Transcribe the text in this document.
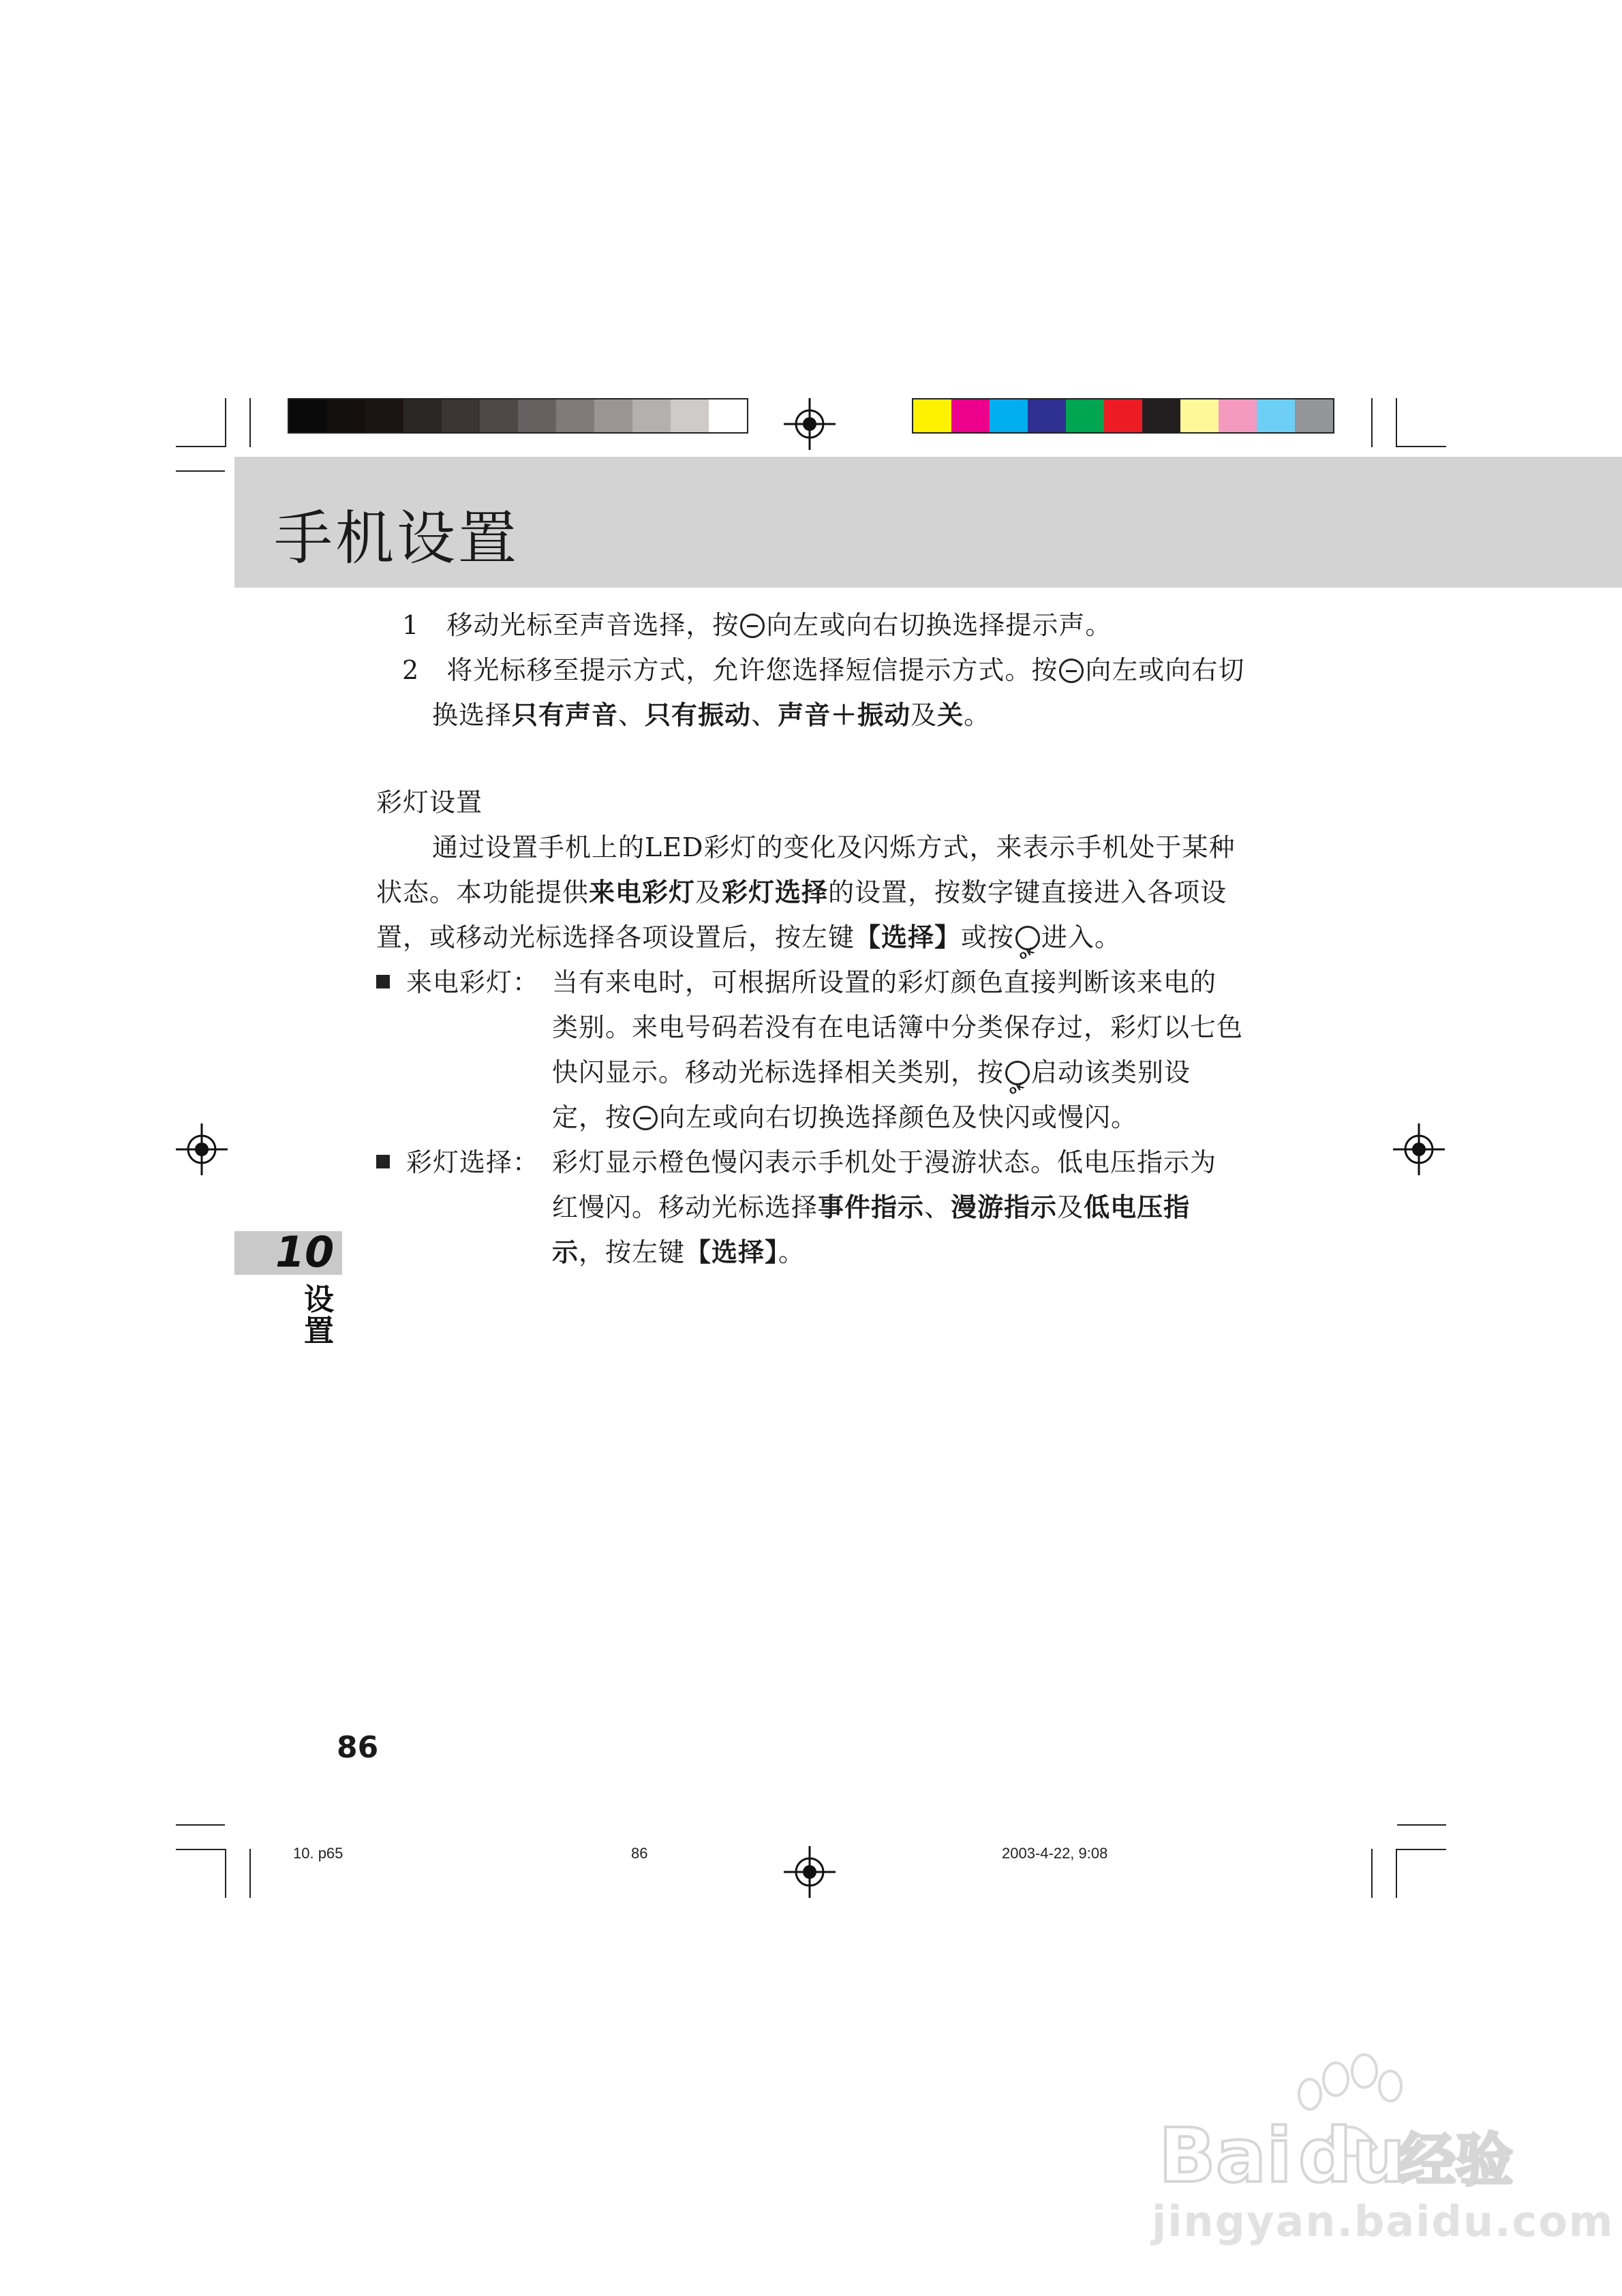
手机设置
1 移动光标至声音选择，按 向左或向右切换选择提示声。
2 将光标移至提示方式，允许您选择短信提示方式。按 向左或向右切
换选择只有声音、只有振动、声音＋振动及关。
彩灯设置
通过设置手机上的LED彩灯的变化及闪烁方式，来表示手机处于某种
状态。本功能提供来电彩灯及彩灯选择的设置，按数字键直接进入各项设
置，或移动光标选择各项设置后，按左键【选择】或按 OK 进入。
来电彩灯： 当有来电时，可根据所设置的彩灯颜色直接判断该来电的
类别。来电号码若没有在电话簿中分类保存过，彩灯以七色
快闪显示。移动光标选择相关类别，按 OK 启动该类别设
定，按 向左或向右切换选择颜色及快闪或慢闪。
彩灯选择： 彩灯显示橙色慢闪表示手机处于漫游状态。低电压指示为
红慢闪。移动光标选择事件指示、漫游指示及低电压指
示，按左键【选择】。
10
设
置
86
10. p65	86	2003-4-22, 9:08
Bai du
经验
jingyan.baidu.com
